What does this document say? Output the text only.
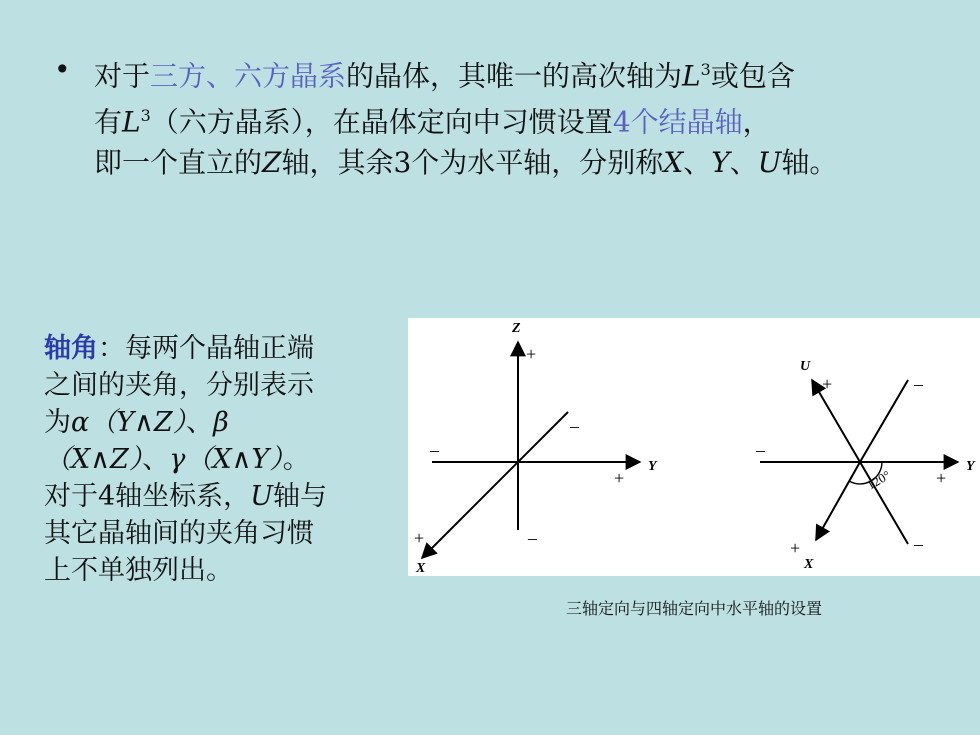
• 对于三方、六方晶系的晶体，其唯一的高次轴为$L^3$或包含
有$L^3$（六方晶系），在晶体定向中习惯设置4个结晶轴，
即一个直立的Z轴，其余3个为水平轴，分别称X、Y、U轴。
轴角：每两个晶轴正端
之间的夹角，分别表示
为α（Y∧Z）、β
（X∧Z）、γ（X∧Y）。
对于4轴坐标系，U轴与
其它晶轴间的夹角习惯
上不单独列出。
Z
Y
X
+
+
+
–
–
–
U
Y
X
+
+
+
–
–
–
120°
三轴定向与四轴定向中水平轴的设置
